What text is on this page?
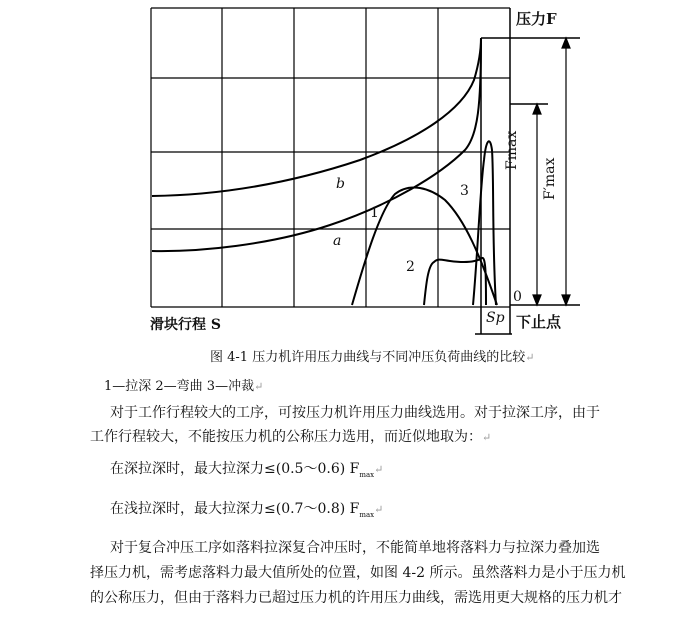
压力F
Fmax
F′max
0
滑块行程 S	Sp 下止点
b
a
1
2
3
图 4-1 压力机许用压力曲线与不同冲压负荷曲线的比较↵
1—拉深 2—弯曲 3—冲裁↵
对于工作行程较大的工序，可按压力机许用压力曲线选用。对于拉深工序，由于
工作行程较大，不能按压力机的公称压力选用，而近似地取为：↵
在深拉深时，最大拉深力≤(0.5～0.6) $F_{max}↵$
在浅拉深时，最大拉深力≤(0.7～0.8) $F_{max}↵$
对于复合冲压工序如落料拉深复合冲压时，不能简单地将落料力与拉深力叠加选
择压力机，需考虑落料力最大值所处的位置，如图 4-2 所示。虽然落料力是小于压力机
的公称压力，但由于落料力已超过压力机的许用压力曲线，需选用更大规格的压力机才
